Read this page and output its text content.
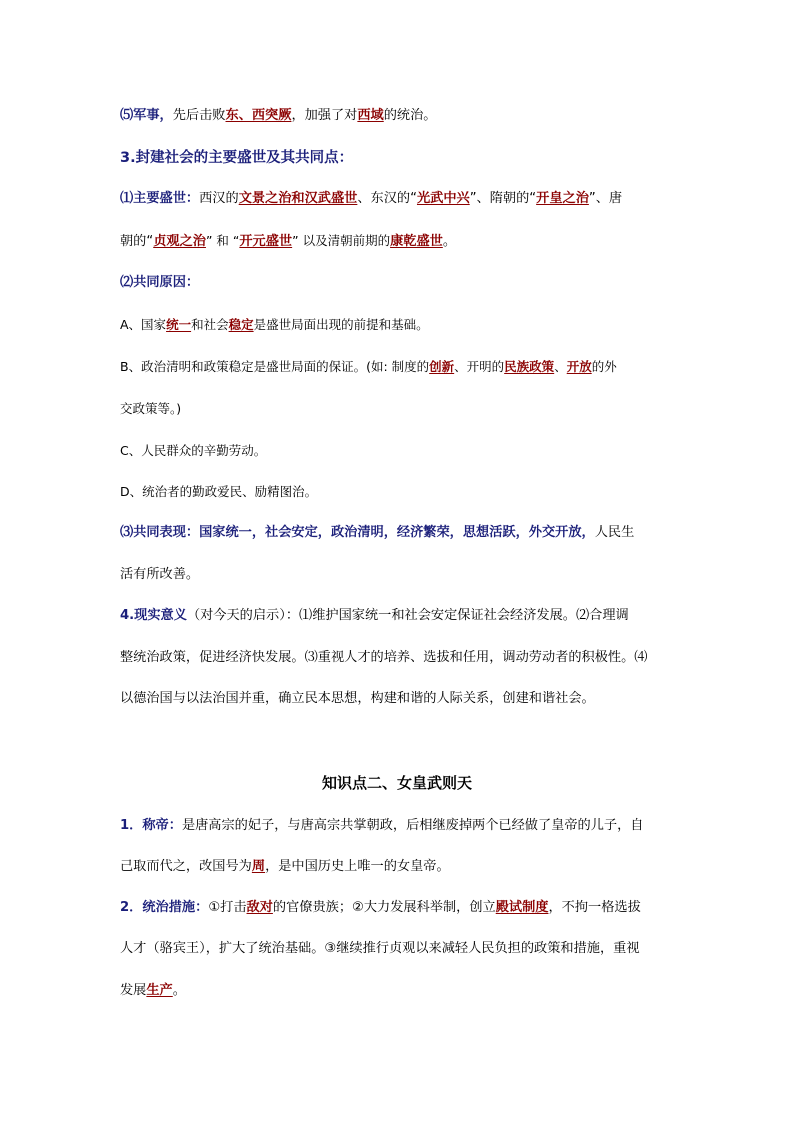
⑸军事，先后击败东、西突厥，加强了对西域的统治。
3.封建社会的主要盛世及其共同点：
⑴主要盛世：西汉的文景之治和汉武盛世、东汉的“光武中兴”、隋朝的“开皇之治”、唐
朝的“贞观之治” 和 “开元盛世” 以及清朝前期的康乾盛世。
⑵共同原因：
A、国家统一和社会稳定是盛世局面出现的前提和基础。
B、政治清明和政策稳定是盛世局面的保证。(如: 制度的创新、开明的民族政策、开放的外
交政策等。)
C、人民群众的辛勤劳动。
D、统治者的勤政爱民、励精图治。
⑶共同表现：国家统一，社会安定，政治清明，经济繁荣，思想活跃，外交开放，人民生
活有所改善。
4.现实意义（对今天的启示）：⑴维护国家统一和社会安定保证社会经济发展。⑵合理调
整统治政策，促进经济快发展。⑶重视人才的培养、选拔和任用，调动劳动者的积极性。⑷
以德治国与以法治国并重，确立民本思想，构建和谐的人际关系，创建和谐社会。
知识点二、女皇武则天
1．称帝：是唐高宗的妃子，与唐高宗共掌朝政，后相继废掉两个已经做了皇帝的儿子，自
己取而代之，改国号为周，是中国历史上唯一的女皇帝。
2．统治措施：①打击敌对的官僚贵族；②大力发展科举制，创立殿试制度，不拘一格选拔
人才（骆宾王），扩大了统治基础。③继续推行贞观以来减轻人民负担的政策和措施，重视
发展生产。
